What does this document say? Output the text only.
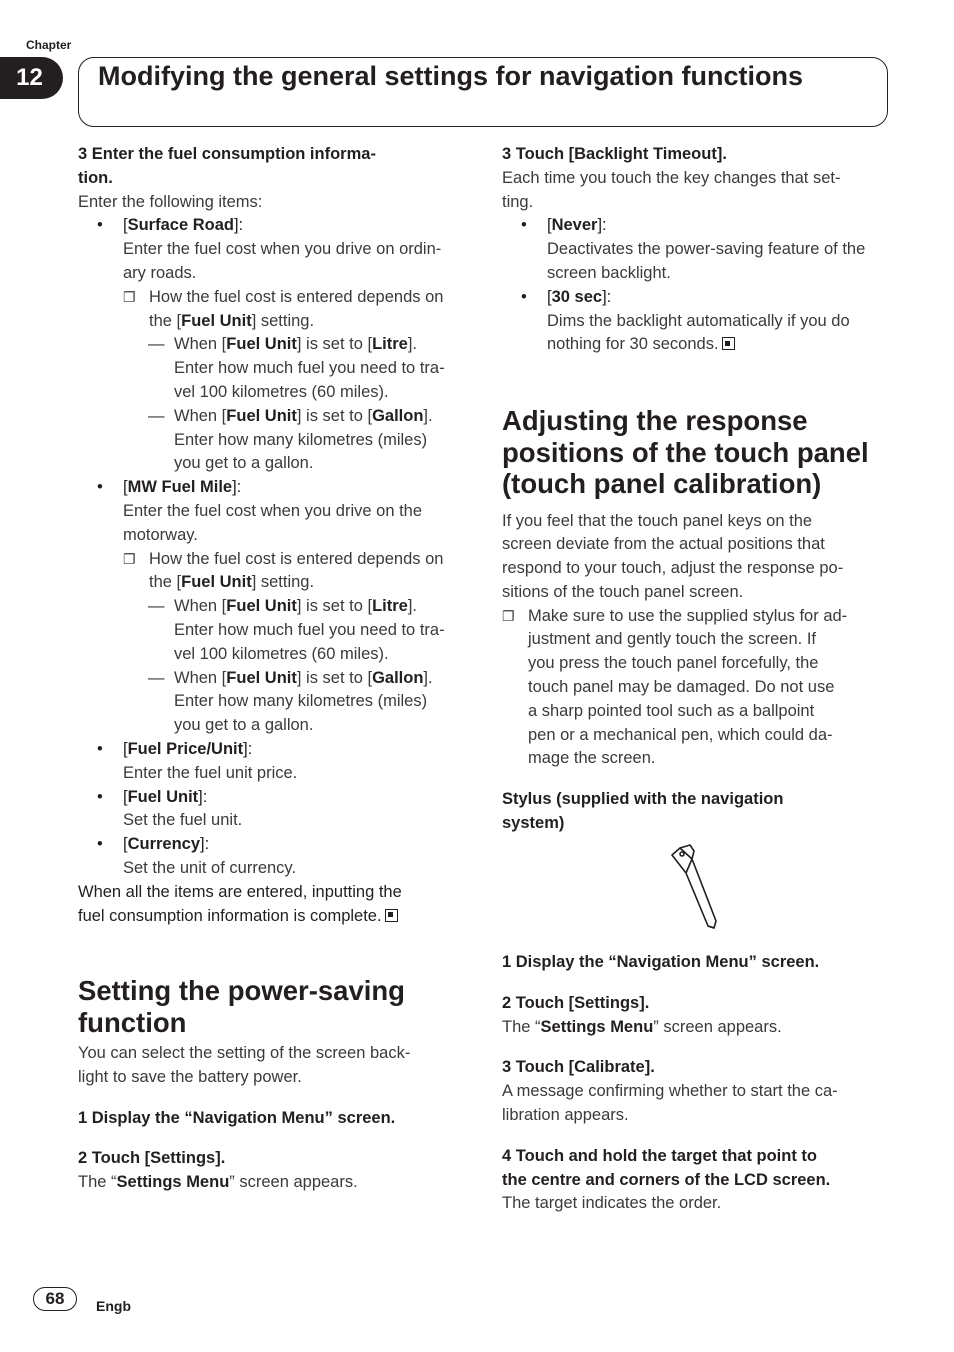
Chapter
12	Modifying the general settings for navigation functions

3 Enter the fuel consumption informa-

tion.

Enter the following items:

• [Surface Road]:

Enter the fuel cost when you drive on ordin-

ary roads.

❐ How the fuel cost is entered depends on

the [Fuel Unit] setting.

— When [Fuel Unit] is set to [Litre].

Enter how much fuel you need to tra-

vel 100 kilometres (60 miles).

— When [Fuel Unit] is set to [Gallon].

Enter how many kilometres (miles)

you get to a gallon.

• [MW Fuel Mile]:

Enter the fuel cost when you drive on the

motorway.

❐ How the fuel cost is entered depends on

the [Fuel Unit] setting.

— When [Fuel Unit] is set to [Litre].

Enter how much fuel you need to tra-

vel 100 kilometres (60 miles).

— When [Fuel Unit] is set to [Gallon].

Enter how many kilometres (miles)

you get to a gallon.

• [Fuel Price/Unit]:

Enter the fuel unit price.

• [Fuel Unit]:

Set the fuel unit.

• [Currency]:

Set the unit of currency.

When all the items are entered, inputting the

fuel consumption information is complete.

Setting the power-saving
function

You can select the setting of the screen back-

light to save the battery power.

1 Display the “Navigation Menu” screen.

2 Touch [Settings].

The “Settings Menu” screen appears.

3 Touch [Backlight Timeout].

Each time you touch the key changes that set-

ting.

• [Never]:

Deactivates the power-saving feature of the

screen backlight.

• [30 sec]:

Dims the backlight automatically if you do

nothing for 30 seconds.

Adjusting the response
positions of the touch panel
(touch panel calibration)

If you feel that the touch panel keys on the

screen deviate from the actual positions that

respond to your touch, adjust the response po-

sitions of the touch panel screen.

❐ Make sure to use the supplied stylus for ad-

justment and gently touch the screen. If

you press the touch panel forcefully, the

touch panel may be damaged. Do not use

a sharp pointed tool such as a ballpoint

pen or a mechanical pen, which could da-

mage the screen.

Stylus (supplied with the navigation

system)

1 Display the “Navigation Menu” screen.

2 Touch [Settings].

The “Settings Menu” screen appears.

3 Touch [Calibrate].

A message confirming whether to start the ca-

libration appears.

4 Touch and hold the target that point to

the centre and corners of the LCD screen.

The target indicates the order.

68	Engb
